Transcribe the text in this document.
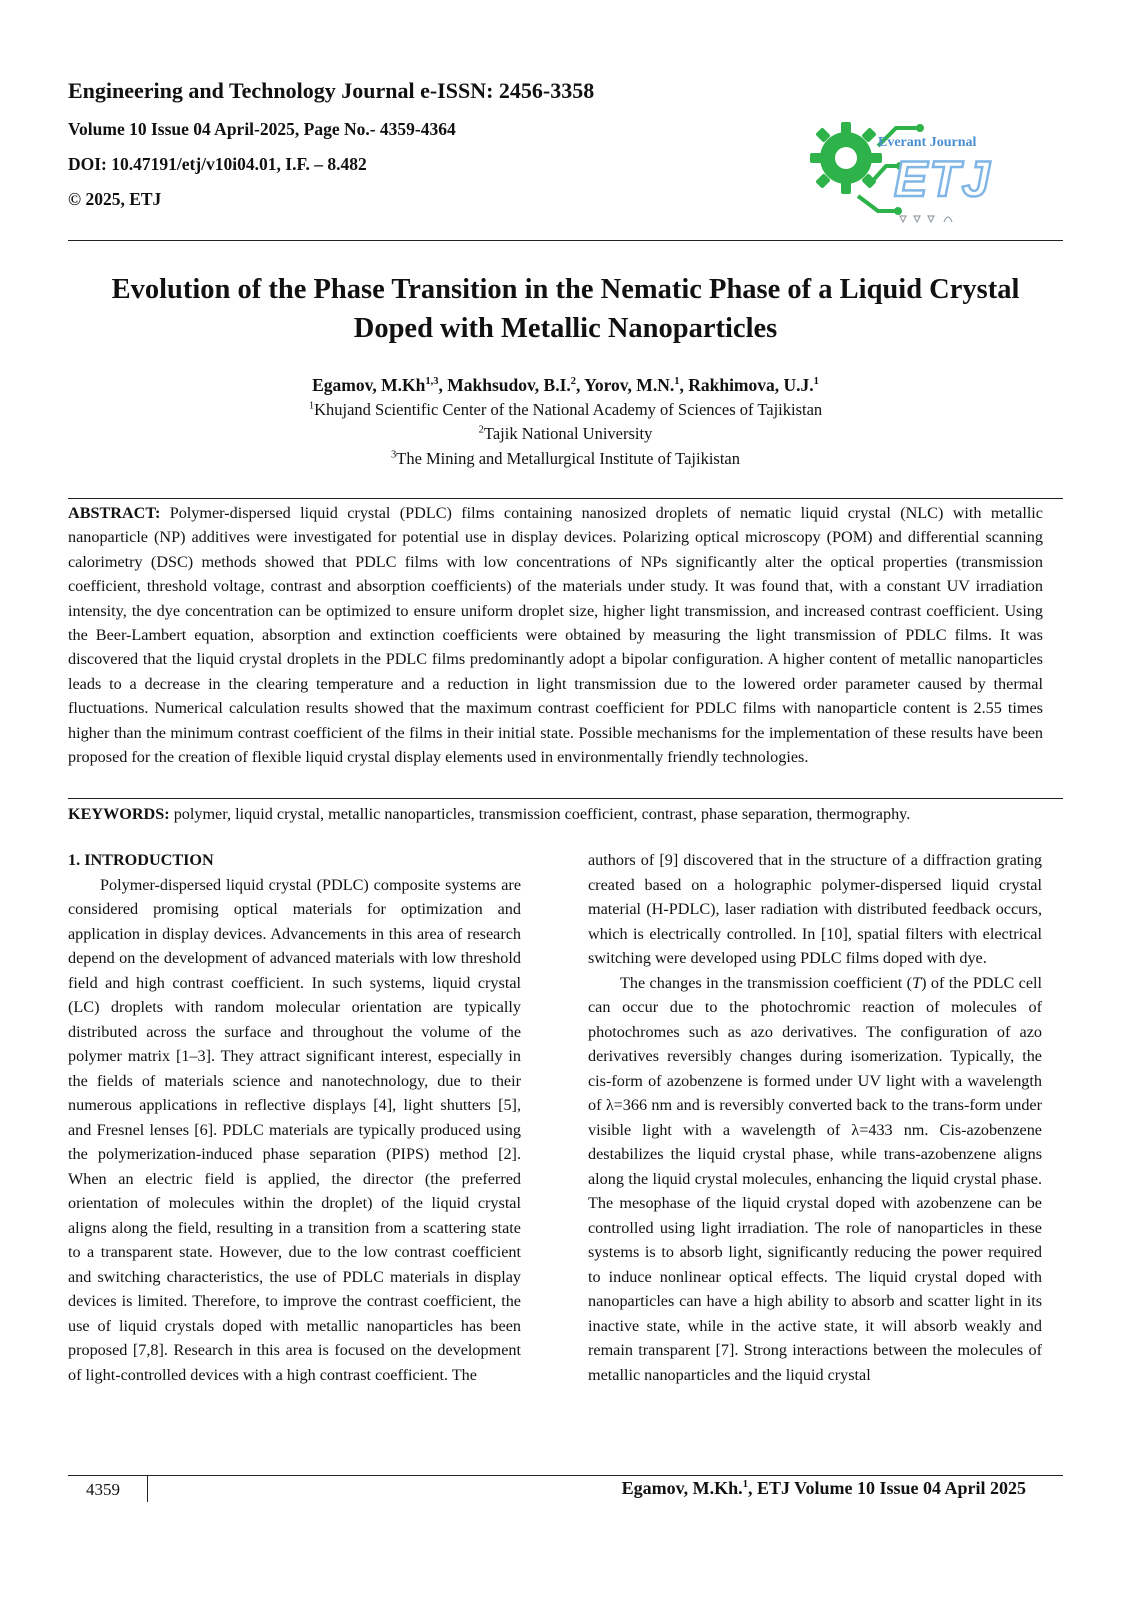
Engineering and Technology Journal e-ISSN: 2456-3358

Volume 10 Issue 04 April-2025, Page No.- 4359-4364

DOI: 10.47191/etj/v10i04.01, I.F. – 8.482

© 2025, ETJ

Everant Journal
ETJ
Evolution of the Phase Transition in the Nematic Phase of a Liquid Crystal
Doped with Metallic Nanoparticles

Egamov, M.Kh$^{1,3}$, Makhsudov, B.I.$^2$, Yorov, M.N.$^1$, Rakhimova, U.J.$^1$

$^1$Khujand Scientific Center of the National Academy of Sciences of Tajikistan

$^2$Tajik National University

$^3$The Mining and Metallurgical Institute of Tajikistan

ABSTRACT: Polymer-dispersed liquid crystal (PDLC) films containing nanosized droplets of nematic liquid crystal (NLC) with metallic nanoparticle (NP) additives were investigated for potential use in display devices. Polarizing optical microscopy (POM) and differential scanning calorimetry (DSC) methods showed that PDLC films with low concentrations of NPs significantly alter the optical properties (transmission coefficient, threshold voltage, contrast and absorption coefficients) of the materials under study. It was found that, with a constant UV irradiation intensity, the dye concentration can be optimized to ensure uniform droplet size, higher light transmission, and increased contrast coefficient. Using the Beer-Lambert equation, absorption and extinction coefficients were obtained by measuring the light transmission of PDLC films. It was discovered that the liquid crystal droplets in the PDLC films predominantly adopt a bipolar configuration. A higher content of metallic nanoparticles leads to a decrease in the clearing temperature and a reduction in light transmission due to the lowered order parameter caused by thermal fluctuations. Numerical calculation results showed that the maximum contrast coefficient for PDLC films with nanoparticle content is 2.55 times higher than the minimum contrast coefficient of the films in their initial state. Possible mechanisms for the implementation of these results have been proposed for the creation of flexible liquid crystal display elements used in environmentally friendly technologies.

KEYWORDS: polymer, liquid crystal, metallic nanoparticles, transmission coefficient, contrast, phase separation, thermography.

1. INTRODUCTION

Polymer-dispersed liquid crystal (PDLC) composite systems are considered promising optical materials for optimization and application in display devices. Advancements in this area of research depend on the development of advanced materials with low threshold field and high contrast coefficient. In such systems, liquid crystal (LC) droplets with random molecular orientation are typically distributed across the surface and throughout the volume of the polymer matrix [1–3]. They attract significant interest, especially in the fields of materials science and nanotechnology, due to their numerous applications in reflective displays [4], light shutters [5], and Fresnel lenses [6]. PDLC materials are typically produced using the polymerization-induced phase separation (PIPS) method [2]. When an electric field is applied, the director (the preferred orientation of molecules within the droplet) of the liquid crystal aligns along the field, resulting in a transition from a scattering state to a transparent state. However, due to the low contrast coefficient and switching characteristics, the use of PDLC materials in display devices is limited. Therefore, to improve the contrast coefficient, the use of liquid crystals doped with metallic nanoparticles has been proposed [7,8]. Research in this area is focused on the development of light-controlled devices with a high contrast coefficient. The

authors of [9] discovered that in the structure of a diffraction grating created based on a holographic polymer-dispersed liquid crystal material (H-PDLC), laser radiation with distributed feedback occurs, which is electrically controlled. In [10], spatial filters with electrical switching were developed using PDLC films doped with dye.

The changes in the transmission coefficient (T) of the PDLC cell can occur due to the photochromic reaction of molecules of photochromes such as azo derivatives. The configuration of azo derivatives reversibly changes during isomerization. Typically, the cis-form of azobenzene is formed under UV light with a wavelength of λ=366 nm and is reversibly converted back to the trans-form under visible light with a wavelength of λ=433 nm. Cis-azobenzene destabilizes the liquid crystal phase, while trans-azobenzene aligns along the liquid crystal molecules, enhancing the liquid crystal phase. The mesophase of the liquid crystal doped with azobenzene can be controlled using light irradiation. The role of nanoparticles in these systems is to absorb light, significantly reducing the power required to induce nonlinear optical effects. The liquid crystal doped with nanoparticles can have a high ability to absorb and scatter light in its inactive state, while in the active state, it will absorb weakly and remain transparent [7]. Strong interactions between the molecules of metallic nanoparticles and the liquid crystal

4359	Egamov, M.Kh.$^1$, ETJ Volume 10 Issue 04 April 2025
